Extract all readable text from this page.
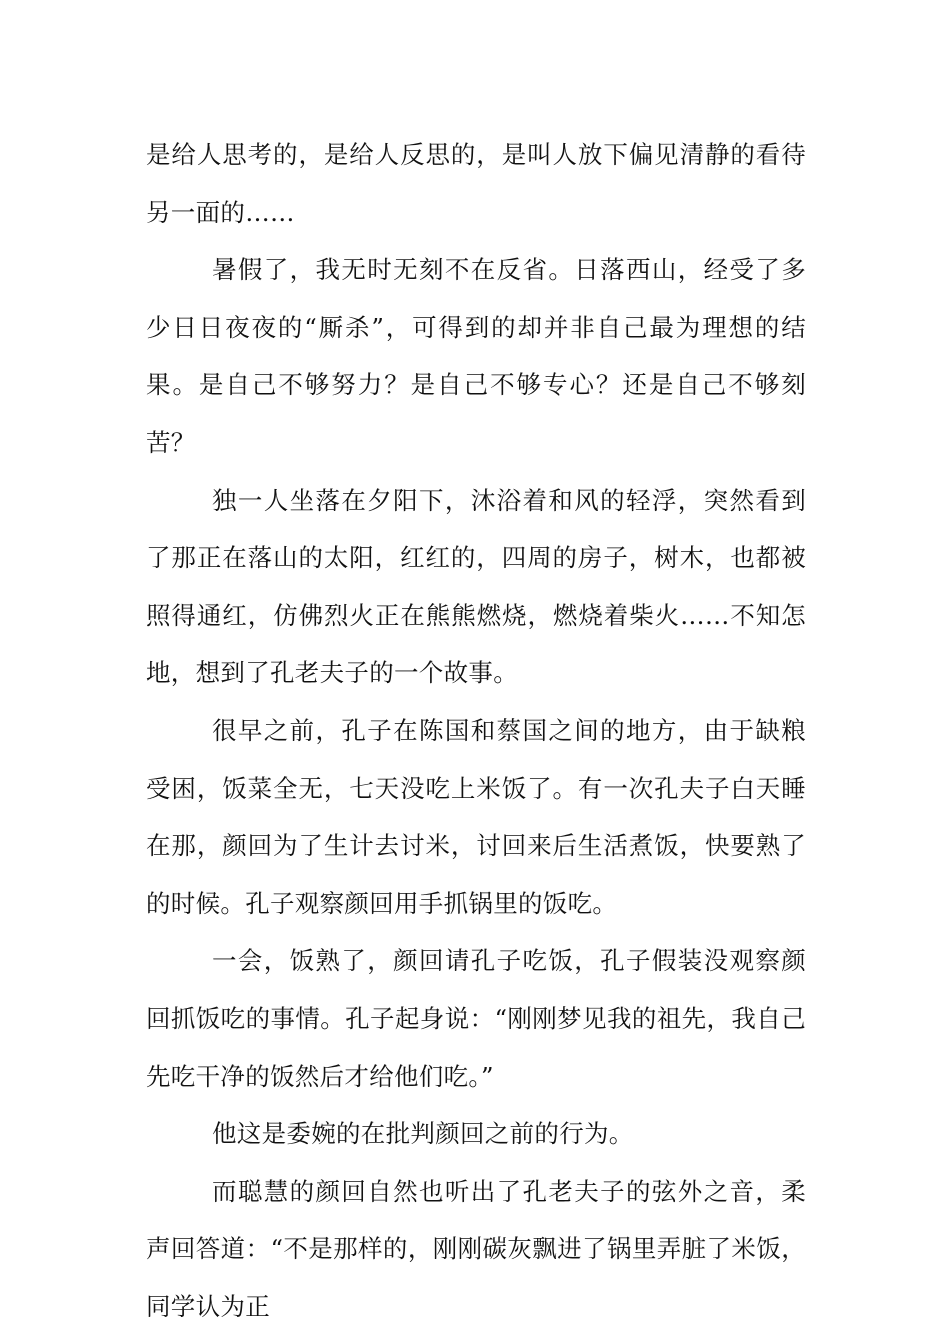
是给人思考的，是给人反思的，是叫人放下偏见清静的看待另一面的……

暑假了，我无时无刻不在反省。日落西山，经受了多少日日夜夜的“厮杀”，可得到的却并非自己最为理想的结果。是自己不够努力？是自己不够专心？还是自己不够刻苦？

独一人坐落在夕阳下，沐浴着和风的轻浮，突然看到了那正在落山的太阳，红红的，四周的房子，树木，也都被照得通红，仿佛烈火正在熊熊燃烧，燃烧着柴火……不知怎地，想到了孔老夫子的一个故事。

很早之前，孔子在陈国和蔡国之间的地方，由于缺粮受困，饭菜全无，七天没吃上米饭了。有一次孔夫子白天睡在那，颜回为了生计去讨米，讨回来后生活煮饭，快要熟了的时候。孔子观察颜回用手抓锅里的饭吃。

一会，饭熟了，颜回请孔子吃饭，孔子假装没观察颜回抓饭吃的事情。孔子起身说：“刚刚梦见我的祖先，我自己先吃干净的饭然后才给他们吃。”

他这是委婉的在批判颜回之前的行为。

而聪慧的颜回自然也听出了孔老夫子的弦外之音，柔声回答道：“不是那样的，刚刚碳灰飘进了锅里弄脏了米饭，同学认为正
